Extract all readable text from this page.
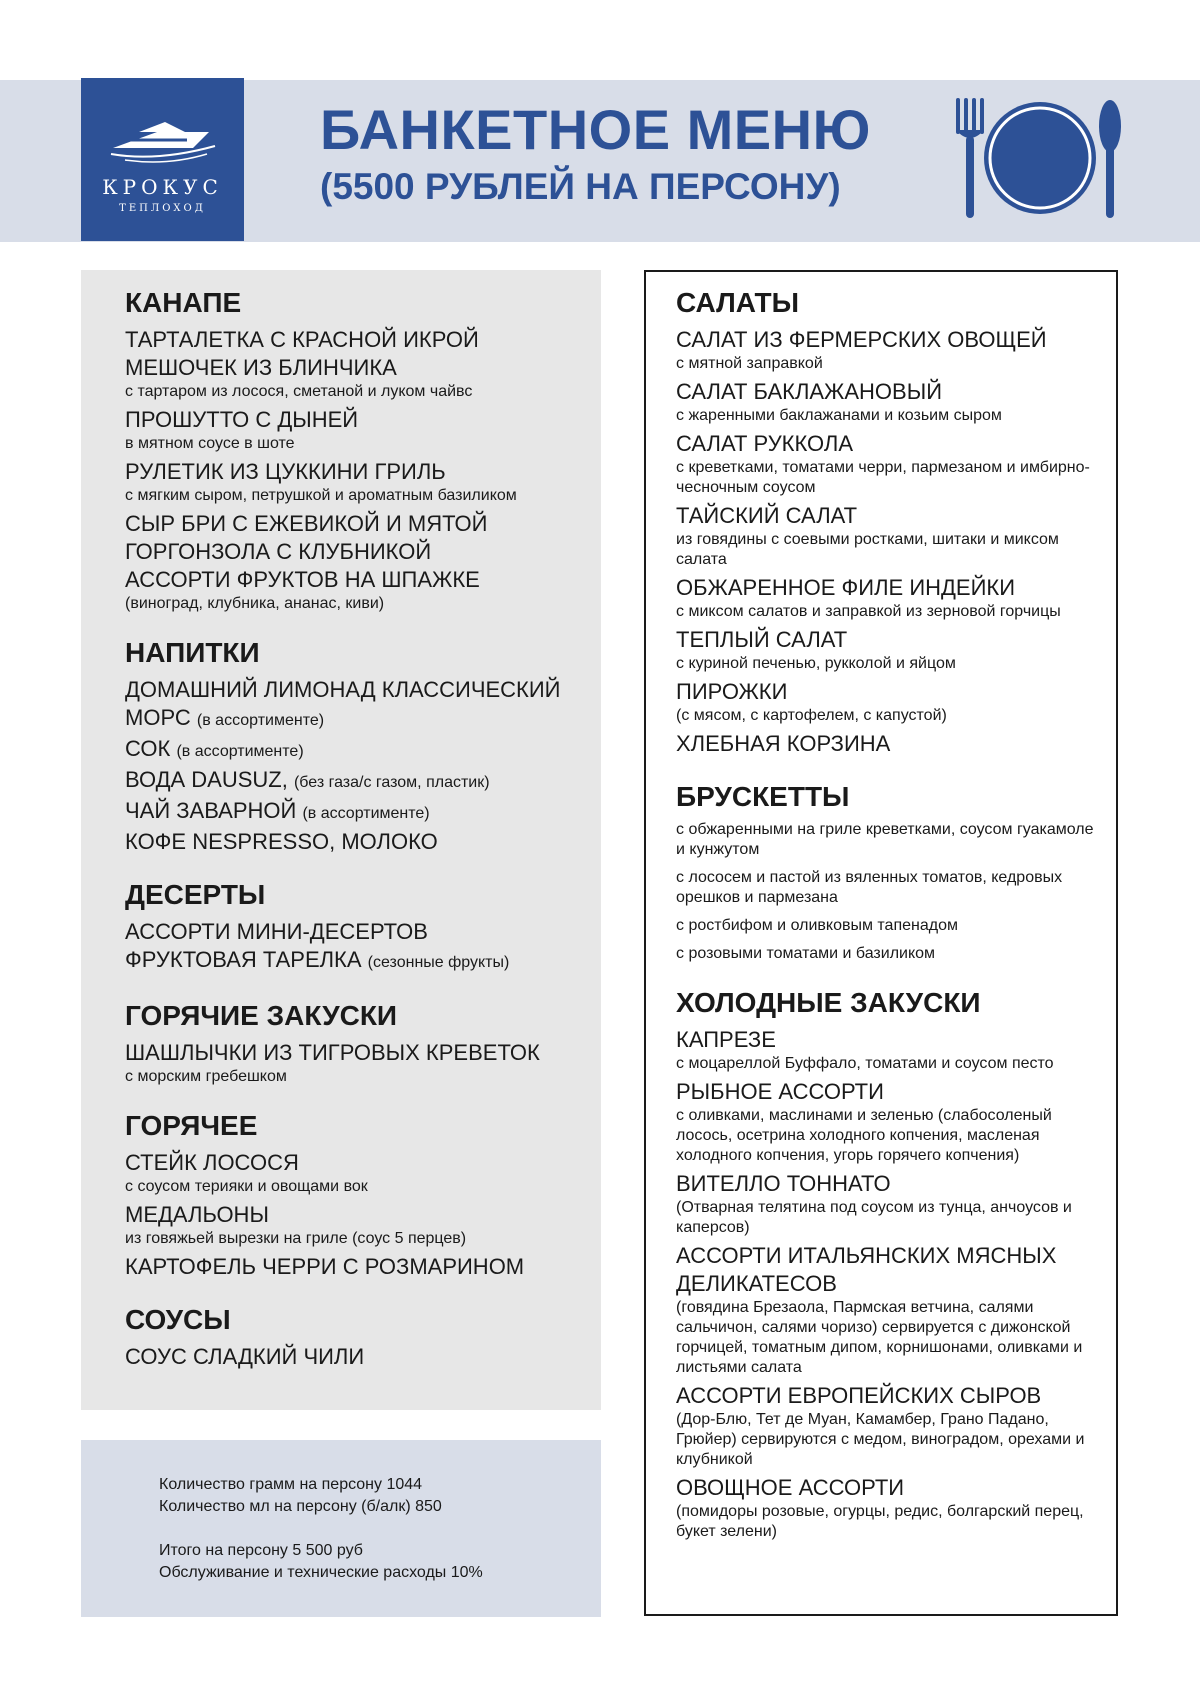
КРОКУС
ТЕПЛОХОД
БАНКЕТНОЕ МЕНЮ
(5500 РУБЛЕЙ НА ПЕРСОНУ)
КАНАПЕ
ТАРТАЛЕТКА С КРАСНОЙ ИКРОЙ
МЕШОЧЕК ИЗ БЛИНЧИКА
с тартаром из лосося, сметаной и луком чайвс
ПРОШУТТО С ДЫНЕЙ
в мятном соусе в шоте
РУЛЕТИК ИЗ ЦУККИНИ ГРИЛЬ
с мягким сыром, петрушкой и ароматным базиликом
СЫР БРИ С ЕЖЕВИКОЙ И МЯТОЙ
ГОРГОНЗОЛА С КЛУБНИКОЙ
АССОРТИ ФРУКТОВ НА ШПАЖКЕ
(виноград, клубника, ананас, киви)
НАПИТКИ
ДОМАШНИЙ ЛИМОНАД КЛАССИЧЕСКИЙ
МОРС (в ассортименте)
СОК (в ассортименте)
ВОДА DAUSUZ, (без газа/с газом, пластик)
ЧАЙ ЗАВАРНОЙ (в ассортименте)
КОФЕ NESPRESSO, МОЛОКО
ДЕСЕРТЫ
АССОРТИ МИНИ-ДЕСЕРТОВ
ФРУКТОВАЯ ТАРЕЛКА (сезонные фрукты)
ГОРЯЧИЕ ЗАКУСКИ
ШАШЛЫЧКИ ИЗ ТИГРОВЫХ КРЕВЕТОК
с морским гребешком
ГОРЯЧЕЕ
СТЕЙК ЛОСОСЯ
с соусом терияки и овощами вок
МЕДАЛЬОНЫ
из говяжьей вырезки на гриле (соус 5 перцев)
КАРТОФЕЛЬ ЧЕРРИ С РОЗМАРИНОМ
СОУСЫ
СОУС СЛАДКИЙ ЧИЛИ
САЛАТЫ
САЛАТ ИЗ ФЕРМЕРСКИХ ОВОЩЕЙ
с мятной заправкой
САЛАТ БАКЛАЖАНОВЫЙ
с жаренными баклажанами и козьим сыром
САЛАТ РУККОЛА
с креветками, томатами черри, пармезаном и имбирно-чесночным соусом
ТАЙСКИЙ САЛАТ
из говядины с соевыми ростками, шитаки и миксом салата
ОБЖАРЕННОЕ ФИЛЕ ИНДЕЙКИ
с миксом салатов и заправкой из зерновой горчицы
ТЕПЛЫЙ САЛАТ
с куриной печенью, рукколой и яйцом
ПИРОЖКИ
(с мясом, с картофелем, с капустой)
ХЛЕБНАЯ КОРЗИНА
БРУСКЕТТЫ
с обжаренными на гриле креветками, соусом гуакамоле и кунжутом
с лососем и пастой из вяленных томатов, кедровых орешков и пармезана
с ростбифом и оливковым тапенадом
с розовыми томатами и базиликом
ХОЛОДНЫЕ ЗАКУСКИ
КАПРЕЗЕ
с моцареллой Буффало, томатами и соусом песто
РЫБНОЕ АССОРТИ
с оливками, маслинами и зеленью (слабосоленый лосось, осетрина холодного копчения, масленая холодного копчения, угорь горячего копчения)
ВИТЕЛЛО ТОННАТО
(Отварная телятина под соусом из тунца, анчоусов и каперсов)
АССОРТИ ИТАЛЬЯНСКИХ МЯСНЫХ ДЕЛИКАТЕСОВ
(говядина Брезаола, Пармская ветчина, салями сальчичон, салями чоризо) сервируется с дижонской горчицей, томатным дипом, корнишонами, оливками и листьями салата
АССОРТИ ЕВРОПЕЙСКИХ СЫРОВ
(Дор-Блю, Тет де Муан, Камамбер, Грано Падано, Грюйер) сервируются с медом, виноградом, орехами и клубникой
ОВОЩНОЕ АССОРТИ
(помидоры розовые, огурцы, редис, болгарский перец, букет зелени)
Количество грамм на персону 1044
Количество мл на персону (б/алк) 850
Итого на персону 5 500 руб
Обслуживание и технические расходы 10%
